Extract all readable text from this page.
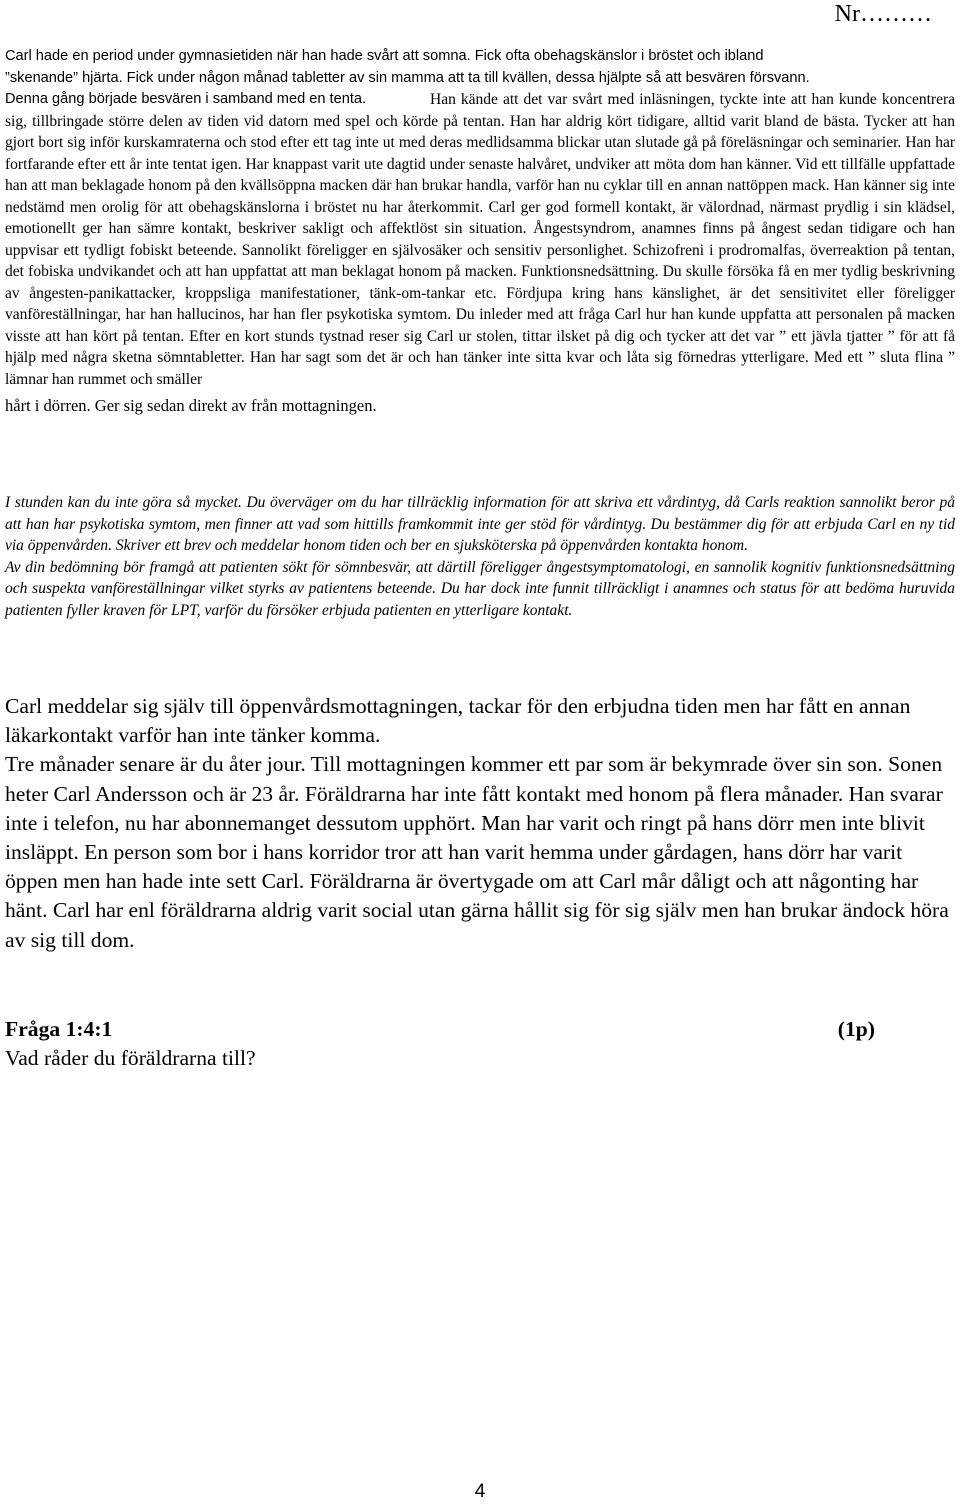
Nr………

Carl hade en period under gymnasietiden när han hade svårt att somna. Fick ofta obehagskänslor i bröstet och ibland

”skenande” hjärta. Fick under någon månad tabletter av sin mamma att ta till kvällen, dessa hjälpte så att besvären försvann.

Denna gång började besvären i samband med en tenta.	Han kände att det var svårt med inläsningen, tyckte inte att han kunde koncentrera sig, tillbringade större delen av tiden vid datorn med spel och körde på tentan. Han har aldrig kört tidigare, alltid varit bland de bästa. Tycker att han gjort bort sig inför kurskamraterna och stod efter ett tag inte ut med deras medlidsamma blickar utan slutade gå på föreläsningar och seminarier. Han har fortfarande efter ett år inte tentat igen. Har knappast varit ute dagtid under senaste halvåret, undviker att möta dom han känner. Vid ett tillfälle uppfattade han att man beklagade honom på den kvällsöppna macken där han brukar handla, varför han nu cyklar till en annan nattöppen mack. Han känner sig inte nedstämd men orolig för att obehagskänslorna i bröstet nu har återkommit. Carl ger god formell kontakt, är välordnad, närmast prydlig i sin klädsel, emotionellt ger han sämre kontakt, beskriver sakligt och affektlöst sin situation. Ångestsyndrom, anamnes finns på ångest sedan tidigare och han uppvisar ett tydligt fobiskt beteende. Sannolikt föreligger en självosäker och sensitiv personlighet. Schizofreni i prodromalfas, överreaktion på tentan, det fobiska undvikandet och att han uppfattat att man beklagat honom på macken. Funktionsnedsättning. Du skulle försöka få en mer tydlig beskrivning av ångesten-panikattacker, kroppsliga manifestationer, tänk-om-tankar etc. Fördjupa kring hans känslighet, är det sensitivitet eller föreligger vanföreställningar, har han hallucinos, har han fler psykotiska symtom. Du inleder med att fråga Carl hur han kunde uppfatta att personalen på macken visste att han kört på tentan. Efter en kort stunds tystnad reser sig Carl ur stolen, tittar ilsket på dig och tycker att det var ” ett jävla tjatter ” för att få hjälp med några sketna sömntabletter. Han har sagt som det är och han tänker inte sitta kvar och låta sig förnedras ytterligare. Med ett ” sluta flina ” lämnar han rummet och smäller

hårt i dörren. Ger sig sedan direkt av från mottagningen.

I stunden kan du inte göra så mycket. Du överväger om du har tillräcklig information för att skriva ett vårdintyg, då Carls reaktion sannolikt beror på att han har psykotiska symtom, men finner att vad som hittills framkommit inte ger stöd för vårdintyg. Du bestämmer dig för att erbjuda Carl en ny tid via öppenvården. Skriver ett brev och meddelar honom tiden och ber en sjuksköterska på öppenvården kontakta honom.

Av din bedömning bör framgå att patienten sökt för sömnbesvär, att därtill föreligger ångestsymptomatologi, en sannolik kognitiv funktionsnedsättning och suspekta vanföreställningar vilket styrks av patientens beteende. Du har dock inte funnit tillräckligt i anamnes och status för att bedöma huruvida patienten fyller kraven för LPT, varför du försöker erbjuda patienten en ytterligare kontakt.

Carl meddelar sig själv till öppenvårdsmottagningen, tackar för den erbjudna tiden men har fått en annan läkarkontakt varför han inte tänker komma.

Tre månader senare är du åter jour. Till mottagningen kommer ett par som är bekymrade över sin son. Sonen heter Carl Andersson och är 23 år. Föräldrarna har inte fått kontakt med honom på flera månader. Han svarar inte i telefon, nu har abonnemanget dessutom upphört. Man har varit och ringt på hans dörr men inte blivit insläppt. En person som bor i hans korridor tror att han varit hemma under gårdagen, hans dörr har varit öppen men han hade inte sett Carl. Föräldrarna är övertygade om att Carl mår dåligt och att någonting har hänt. Carl har enl föräldrarna aldrig varit social utan gärna hållit sig för sig själv men han brukar ändock höra av sig till dom.

Fråga 1:4:1	(1p)
Vad råder du föräldrarna till?
4
